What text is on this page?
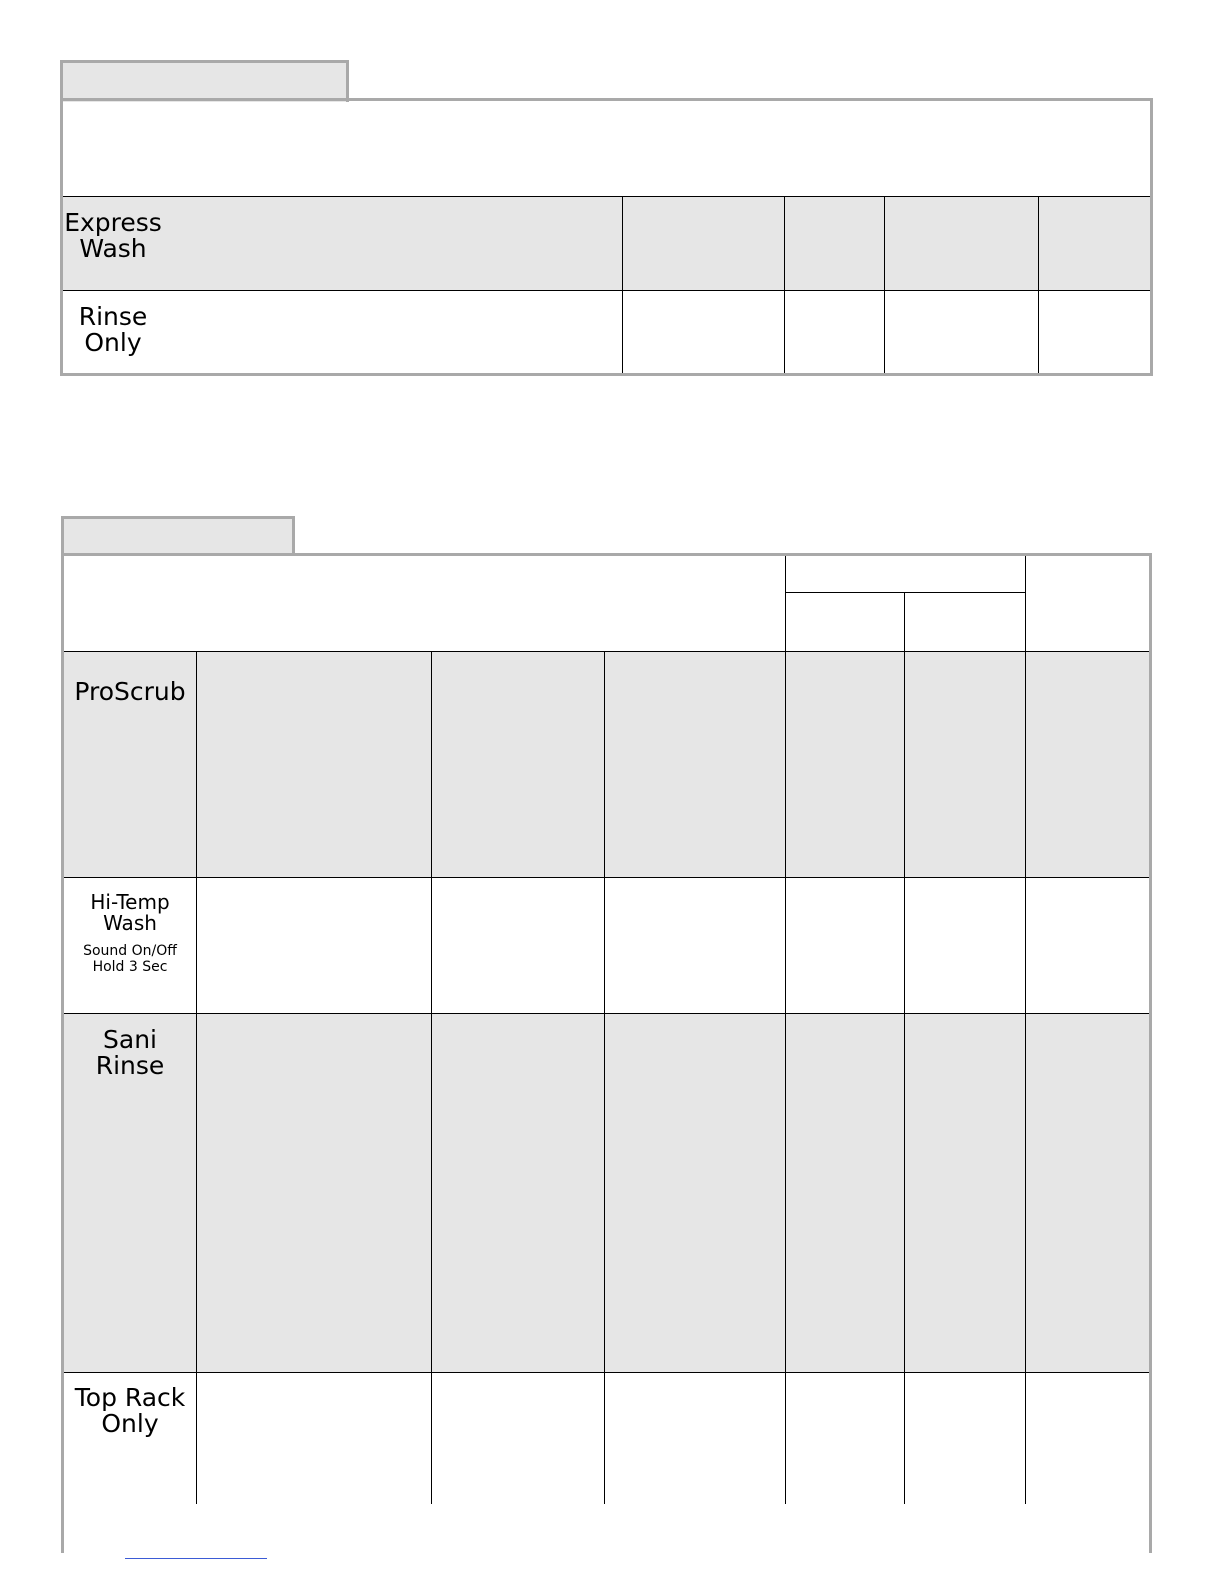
Express
Wash
Rinse
Only
ProScrub
Hi-Temp
Wash
Sound On/Off
Hold 3 Sec
Sani
Rinse
Top Rack
Only
